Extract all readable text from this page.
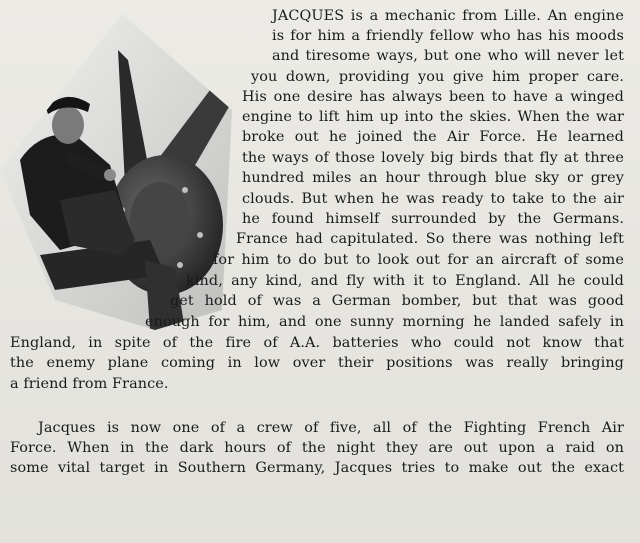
JACQUES is a mechanic from Lille. An engine
is for him a friendly fellow who has his moods
and tiresome ways, but one who will never let
you down, providing you give him proper care.
His one desire has always been to have a winged
engine to lift him up into the skies. When the war
broke out he joined the Air Force. He learned
the ways of those lovely big birds that fly at three
hundred miles an hour through blue sky or grey
clouds. But when he was ready to take to the air
he found himself surrounded by the Germans.
France had capitulated. So there was nothing left
for him to do but to look out for an aircraft of some
kind, any kind, and fly with it to England. All he could
get hold of was a German bomber, but that was good
enough for him, and one sunny morning he landed safely in
England, in spite of the fire of A.A. batteries who could not know that
the enemy plane coming in low over their positions was really bringing
a friend from France.
Jacques is now one of a crew of five, all of the Fighting French Air
Force. When in the dark hours of the night they are out upon a raid on
some vital target in Southern Germany, Jacques tries to make out the exact
